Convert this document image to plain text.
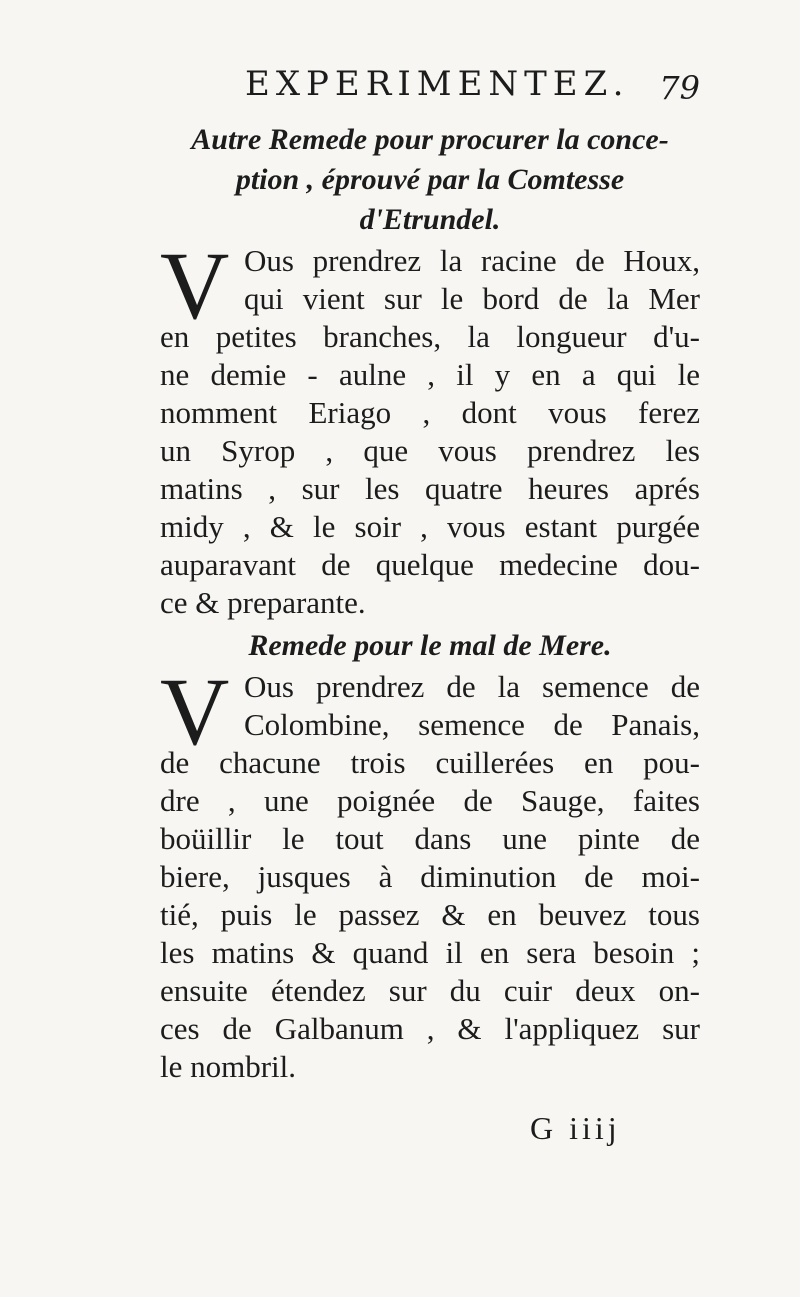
EXPERIMENTEZ. 79
Autre Remede pour procurer la conce-
ption , éprouvé par la Comtesse
d'Etrundel.
V Ous prendrez la racine de Houx,
qui vient sur le bord de la Mer
en petites branches, la longueur d'u-
ne demie - aulne , il y en a qui le
nomment Eriago , dont vous ferez
un Syrop , que vous prendrez les
matins , sur les quatre heures aprés
midy , & le soir , vous estant purgée
auparavant de quelque medecine dou-
ce & preparante.
Remede pour le mal de Mere.
V Ous prendrez de la semence de
Colombine, semence de Panais,
de chacune trois cuillerées en pou-
dre , une poignée de Sauge, faites
boüillir le tout dans une pinte de
biere, jusques à diminution de moi-
tié, puis le passez & en beuvez tous
les matins & quand il en sera besoin ;
ensuite étendez sur du cuir deux on-
ces de Galbanum , & l'appliquez sur
le nombril.
G iiij
